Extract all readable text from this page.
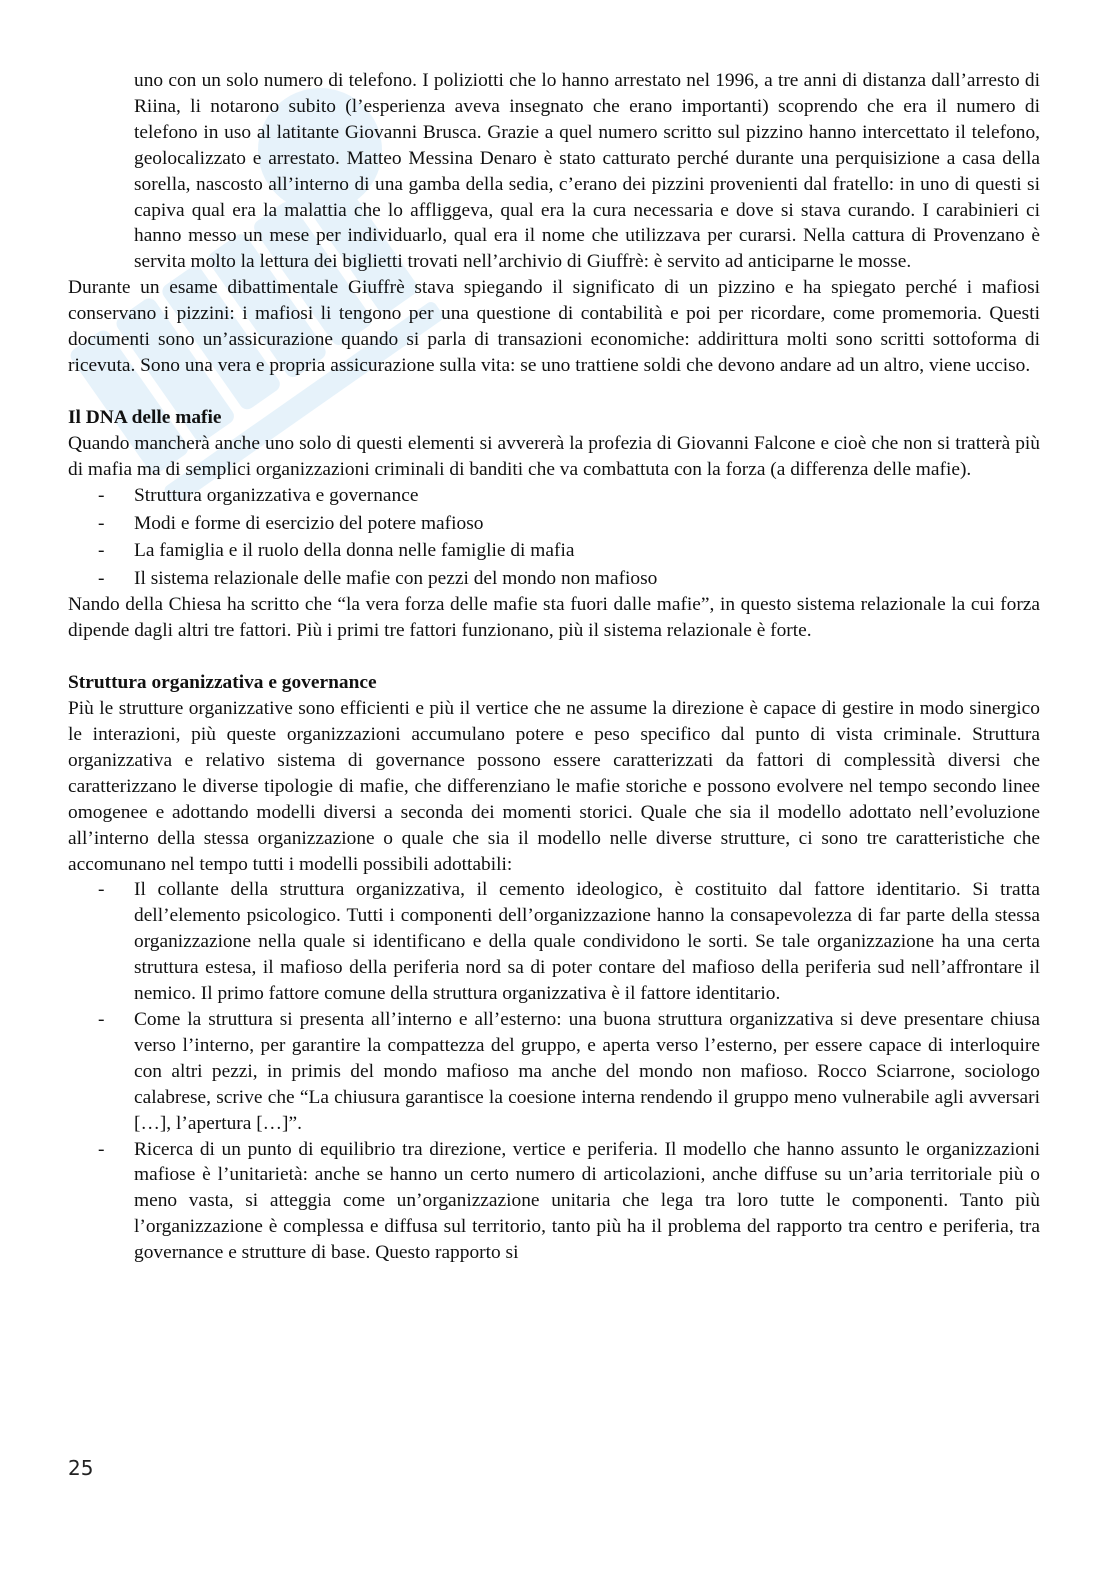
uno con un solo numero di telefono. I poliziotti che lo hanno arrestato nel 1996, a tre anni di distanza dall’arresto di Riina, li notarono subito (l’esperienza aveva insegnato che erano importanti) scoprendo che era il numero di telefono in uso al latitante Giovanni Brusca. Grazie a quel numero scritto sul pizzino hanno intercettato il telefono, geolocalizzato e arrestato. Matteo Messina Denaro è stato catturato perché durante una perquisizione a casa della sorella, nascosto all’interno di una gamba della sedia, c’erano dei pizzini provenienti dal fratello: in uno di questi si capiva qual era la malattia che lo affliggeva, qual era la cura necessaria e dove si stava curando. I carabinieri ci hanno messo un mese per individuarlo, qual era il nome che utilizzava per curarsi. Nella cattura di Provenzano è servita molto la lettura dei biglietti trovati nell’archivio di Giuffrè: è servito ad anticiparne le mosse.

Durante un esame dibattimentale Giuffrè stava spiegando il significato di un pizzino e ha spiegato perché i mafiosi conservano i pizzini: i mafiosi li tengono per una questione di contabilità e poi per ricordare, come promemoria. Questi documenti sono un’assicurazione quando si parla di transazioni economiche: addirittura molti sono scritti sottoforma di ricevuta. Sono una vera e propria assicurazione sulla vita: se uno trattiene soldi che devono andare ad un altro, viene ucciso.

Il DNA delle mafie

Quando mancherà anche uno solo di questi elementi si avvererà la profezia di Giovanni Falcone e cioè che non si tratterà più di mafia ma di semplici organizzazioni criminali di banditi che va combattuta con la forza (a differenza delle mafie).

- Struttura organizzativa e governance
- Modi e forme di esercizio del potere mafioso
- La famiglia e il ruolo della donna nelle famiglie di mafia
- Il sistema relazionale delle mafie con pezzi del mondo non mafioso

Nando della Chiesa ha scritto che “la vera forza delle mafie sta fuori dalle mafie”, in questo sistema relazionale la cui forza dipende dagli altri tre fattori. Più i primi tre fattori funzionano, più il sistema relazionale è forte.

Struttura organizzativa e governance

Più le strutture organizzative sono efficienti e più il vertice che ne assume la direzione è capace di gestire in modo sinergico le interazioni, più queste organizzazioni accumulano potere e peso specifico dal punto di vista criminale. Struttura organizzativa e relativo sistema di governance possono essere caratterizzati da fattori di complessità diversi che caratterizzano le diverse tipologie di mafie, che differenziano le mafie storiche e possono evolvere nel tempo secondo linee omogenee e adottando modelli diversi a seconda dei momenti storici. Quale che sia il modello adottato nell’evoluzione all’interno della stessa organizzazione o quale che sia il modello nelle diverse strutture, ci sono tre caratteristiche che accomunano nel tempo tutti i modelli possibili adottabili:

- Il collante della struttura organizzativa, il cemento ideologico, è costituito dal fattore identitario. Si tratta dell’elemento psicologico. Tutti i componenti dell’organizzazione hanno la consapevolezza di far parte della stessa organizzazione nella quale si identificano e della quale condividono le sorti. Se tale organizzazione ha una certa struttura estesa, il mafioso della periferia nord sa di poter contare del mafioso della periferia sud nell’affrontare il nemico. Il primo fattore comune della struttura organizzativa è il fattore identitario.
- Come la struttura si presenta all’interno e all’esterno: una buona struttura organizzativa si deve presentare chiusa verso l’interno, per garantire la compattezza del gruppo, e aperta verso l’esterno, per essere capace di interloquire con altri pezzi, in primis del mondo mafioso ma anche del mondo non mafioso. Rocco Sciarrone, sociologo calabrese, scrive che “La chiusura garantisce la coesione interna rendendo il gruppo meno vulnerabile agli avversari […], l’apertura […]”.
- Ricerca di un punto di equilibrio tra direzione, vertice e periferia. Il modello che hanno assunto le organizzazioni mafiose è l’unitarietà: anche se hanno un certo numero di articolazioni, anche diffuse su un’aria territoriale più o meno vasta, si atteggia come un’organizzazione unitaria che lega tra loro tutte le componenti. Tanto più l’organizzazione è complessa e diffusa sul territorio, tanto più ha il problema del rapporto tra centro e periferia, tra governance e strutture di base. Questo rapporto si
25
